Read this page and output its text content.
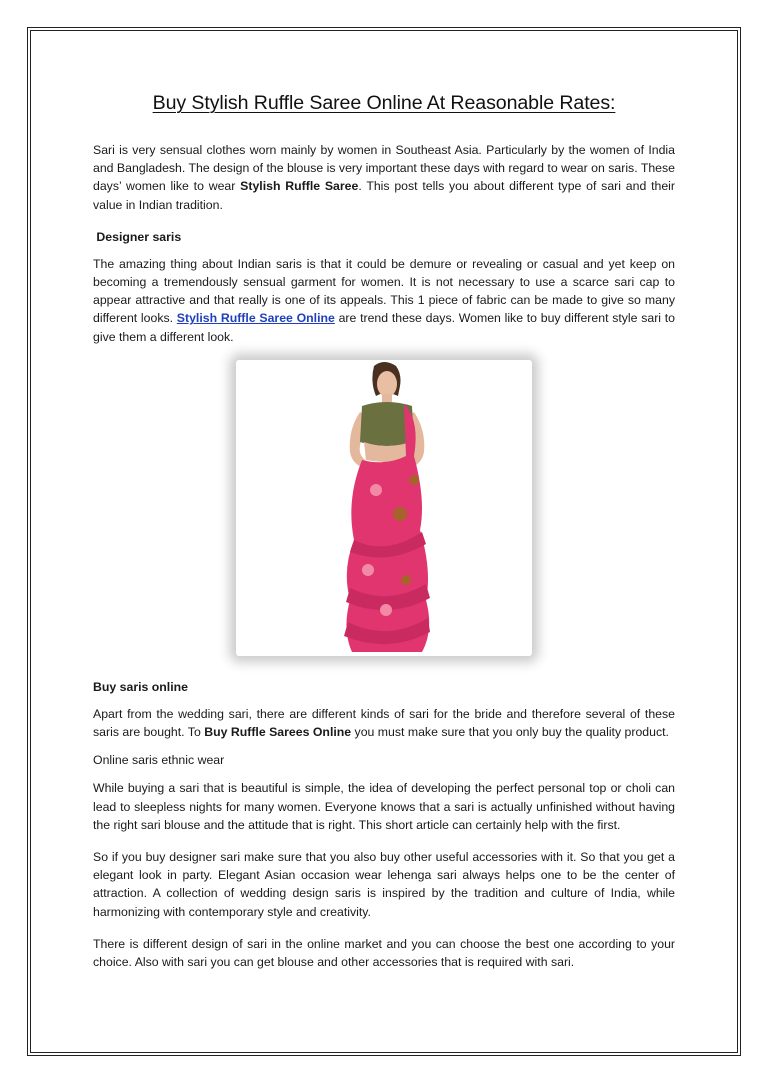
Buy Stylish Ruffle Saree Online At Reasonable Rates:

Sari is very sensual clothes worn mainly by women in Southeast Asia. Particularly by the women of India and Bangladesh. The design of the blouse is very important these days with regard to wear on saris. These days’ women like to wear Stylish Ruffle Saree. This post tells you about different type of sari and their value in Indian tradition.

Designer saris

The amazing thing about Indian saris is that it could be demure or revealing or casual and yet keep on becoming a tremendously sensual garment for women. It is not necessary to use a scarce sari cap to appear attractive and that really is one of its appeals. This 1 piece of fabric can be made to give so many different looks. Stylish Ruffle Saree Online are trend these days. Women like to buy different style sari to give them a different look.

Buy saris online

Apart from the wedding sari, there are different kinds of sari for the bride and therefore several of these saris are bought. To Buy Ruffle Sarees Online you must make sure that you only buy the quality product.

Online saris ethnic wear

While buying a sari that is beautiful is simple, the idea of developing the perfect personal top or choli can lead to sleepless nights for many women. Everyone knows that a sari is actually unfinished without having the right sari blouse and the attitude that is right. This short article can certainly help with the first.

So if you buy designer sari make sure that you also buy other useful accessories with it. So that you get a elegant look in party. Elegant Asian occasion wear lehenga sari always helps one to be the center of attraction. A collection of wedding design saris is inspired by the tradition and culture of India, while harmonizing with contemporary style and creativity.

There is different design of sari in the online market and you can choose the best one according to your choice. Also with sari you can get blouse and other accessories that is required with sari.
